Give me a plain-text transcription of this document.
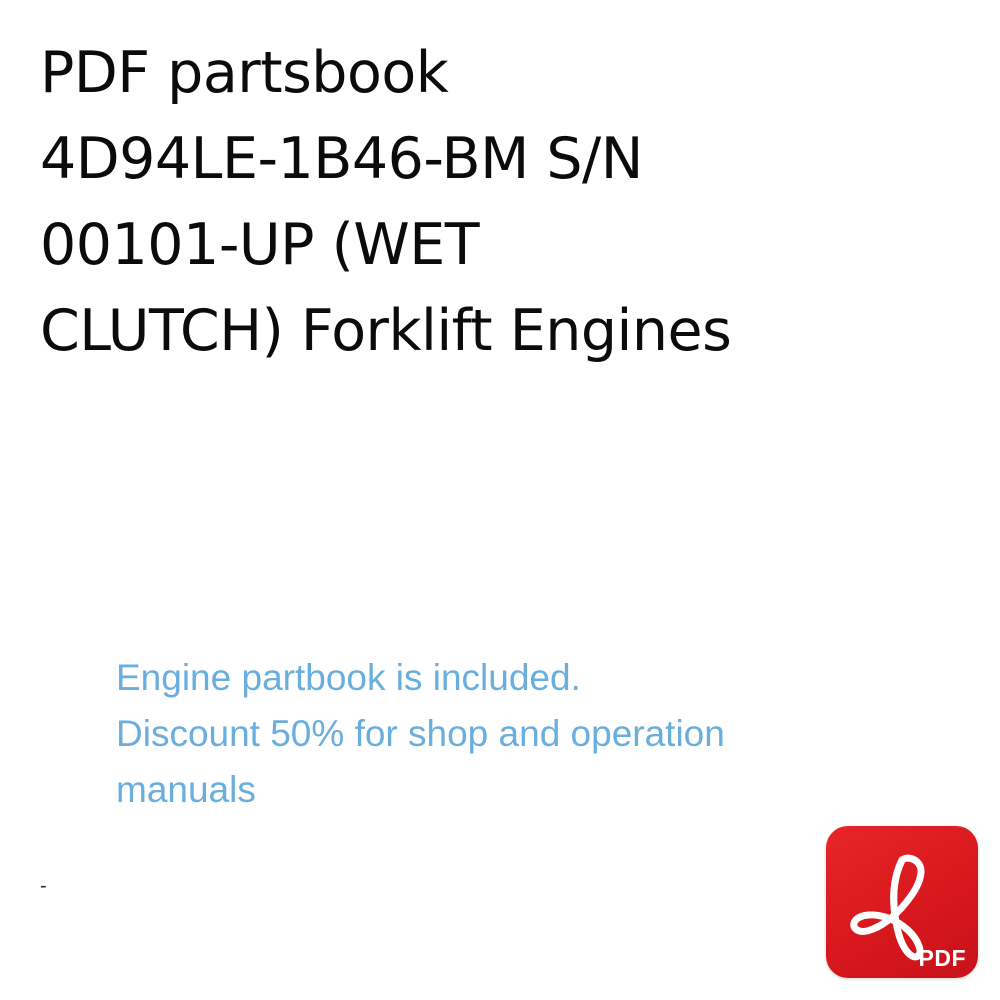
PDF partsbook
4D94LE-1B46-BM S/N
00101-UP (WET
CLUTCH) Forklift Engines
Engine partbook is included.
Discount 50% for shop and operation
manuals
-
PDF
